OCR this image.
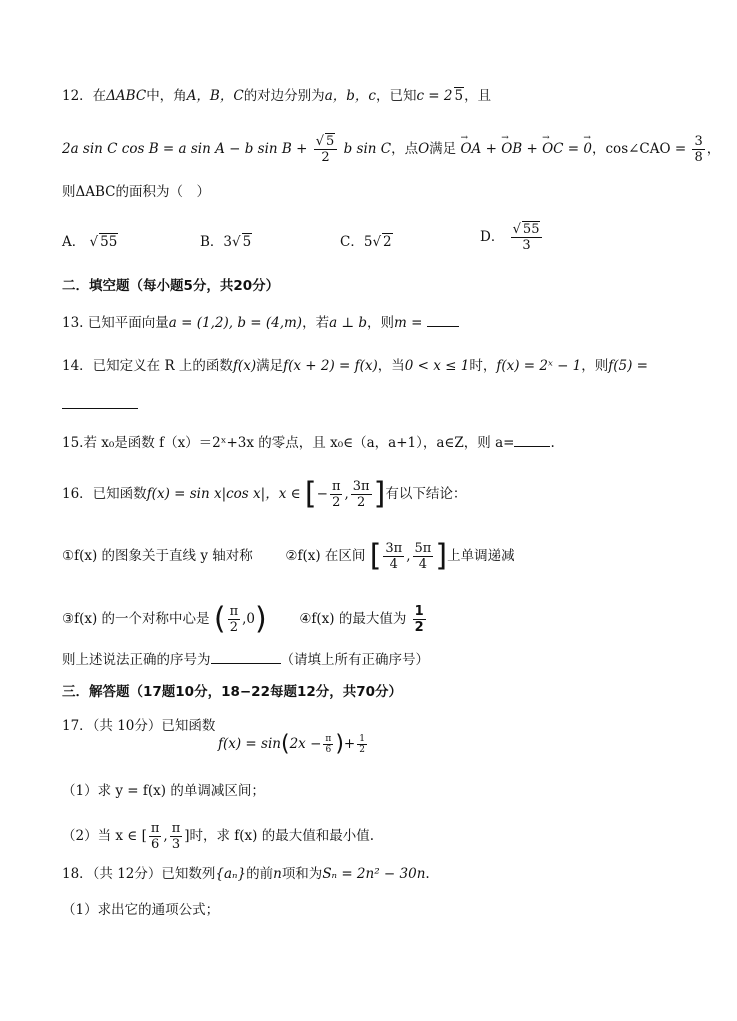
12．在ΔABC中，角A，B，C的对边分别为a，b，c，已知c = 2 5，且
2a sin C cos B = a sin A − b $\sin B + \frac{√ 5}{2}$ b sin C，点O满足 → OA + → OB + → OC = → 0，cos∠CAO = $\frac{3}{8}$ ，
则ΔABC的面积为（　）
A． √ 55	B．3√ 5	C．5√ 2	D． $\frac{√ 55}{3}$
二．填空题（每小题5分，共20分）
13. 已知平面向量a = (1,2), b = (4,m)，若a ⊥ b，则m =
14．已知定义在 R 上的函数f(x)满足f(x + 2) = f(x)，当0 < x ≤ 1时，f(x) = 2ˣ − 1，则f(5) =
15.若 x₀是函数 f（x）＝2ˣ+3x 的零点，且 x₀∈（a，a+1），a∈Z，则 a=	.
16．已知函数f(x) = sin x|cos x|，x ∈ [− $\frac{\pi}{2}$ , $\frac{3\pi}{2}$ ]有以下结论：
①f(x) 的图象关于直线 y 轴对称 ②f(x) 在区间 [ $\frac{3\pi}{4}$ , $\frac{5\pi}{4}$ ]上单调递减
③f(x) 的一个对称中心是 ( $\frac{\pi}{2} ,0$) ④f(x) 的最大值为 $\frac{1}{2}$
则上述说法正确的序号为	（请填上所有正确序号）
三．解答题（17题10分，18−22每题12分，共70分）
17．（共 10分）已知函数
$f(x) = \sin(2x - \frac{\pi}{6}$ )+ $\frac{1}{2}$
（1）求 y = f(x) 的单调减区间；
（2）当 x ∈ [ $\frac{\pi}{6}$ , $\frac{\pi}{3}$ ]时，求 f(x) 的最大值和最小值.
18．（共 12分）已知数列{aₙ}的前n项和为Sₙ = 2n² − 30n.
（1）求出它的通项公式；
